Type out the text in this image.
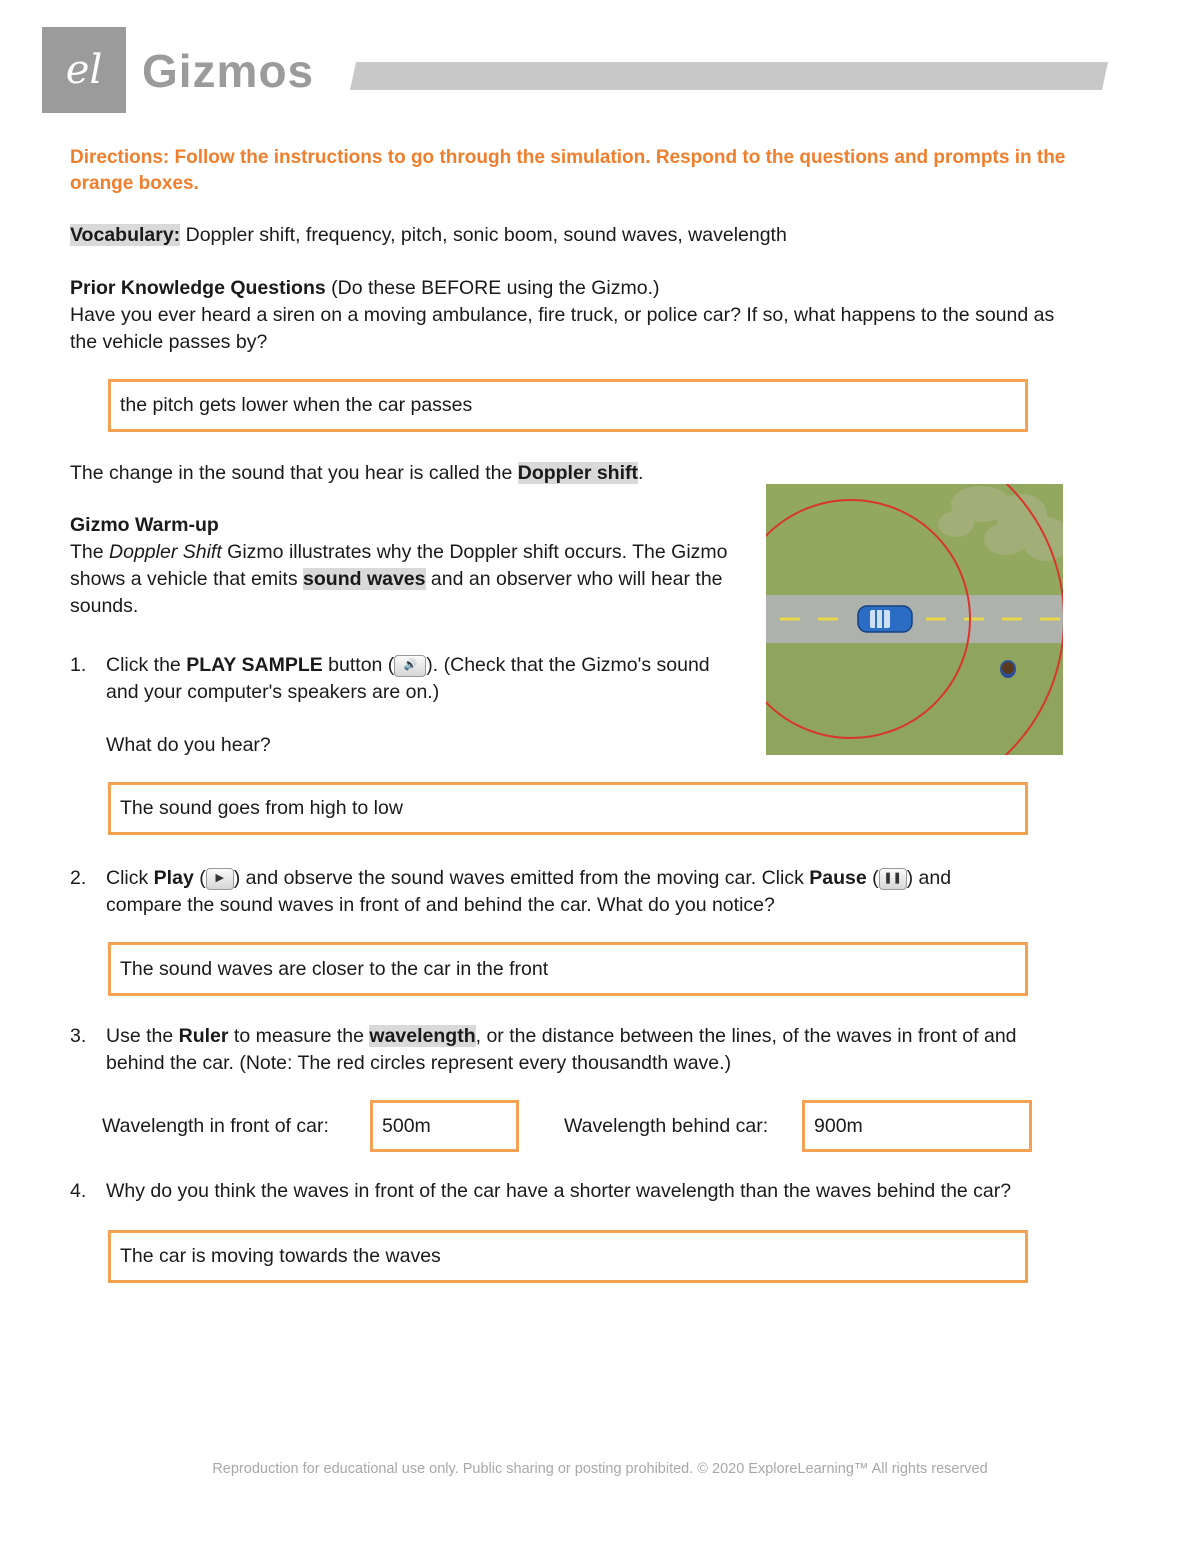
el Gizmos
Directions: Follow the instructions to go through the simulation. Respond to the questions and prompts in the orange boxes.
Vocabulary: Doppler shift, frequency, pitch, sonic boom, sound waves, wavelength
Prior Knowledge Questions (Do these BEFORE using the Gizmo.)
Have you ever heard a siren on a moving ambulance, fire truck, or police car? If so, what happens to the sound as the vehicle passes by?
the pitch gets lower when the car passes
The change in the sound that you hear is called the Doppler shift.
Gizmo Warm-up
The Doppler Shift Gizmo illustrates why the Doppler shift occurs. The Gizmo shows a vehicle that emits sound waves and an observer who will hear the sounds.
1.	Click the PLAY SAMPLE button ( 🔊 ). (Check that the Gizmo's sound and your computer's speakers are on.)
What do you hear?
The sound goes from high to low
2.	Click Play ( ▶ ) and observe the sound waves emitted from the moving car. Click Pause ( ❚❚ ) and
compare the sound waves in front of and behind the car. What do you notice?
The sound waves are closer to the car in the front
3.	Use the Ruler to measure the wavelength, or the distance between the lines, of the waves in front of and
behind the car. (Note: The red circles represent every thousandth wave.)
Wavelength in front of car:	500m	Wavelength behind car: 900m
4. Why do you think the waves in front of the car have a shorter wavelength than the waves behind the car?
The car is moving towards the waves
Reproduction for educational use only. Public sharing or posting prohibited. © 2020 ExploreLearning™ All rights reserved
